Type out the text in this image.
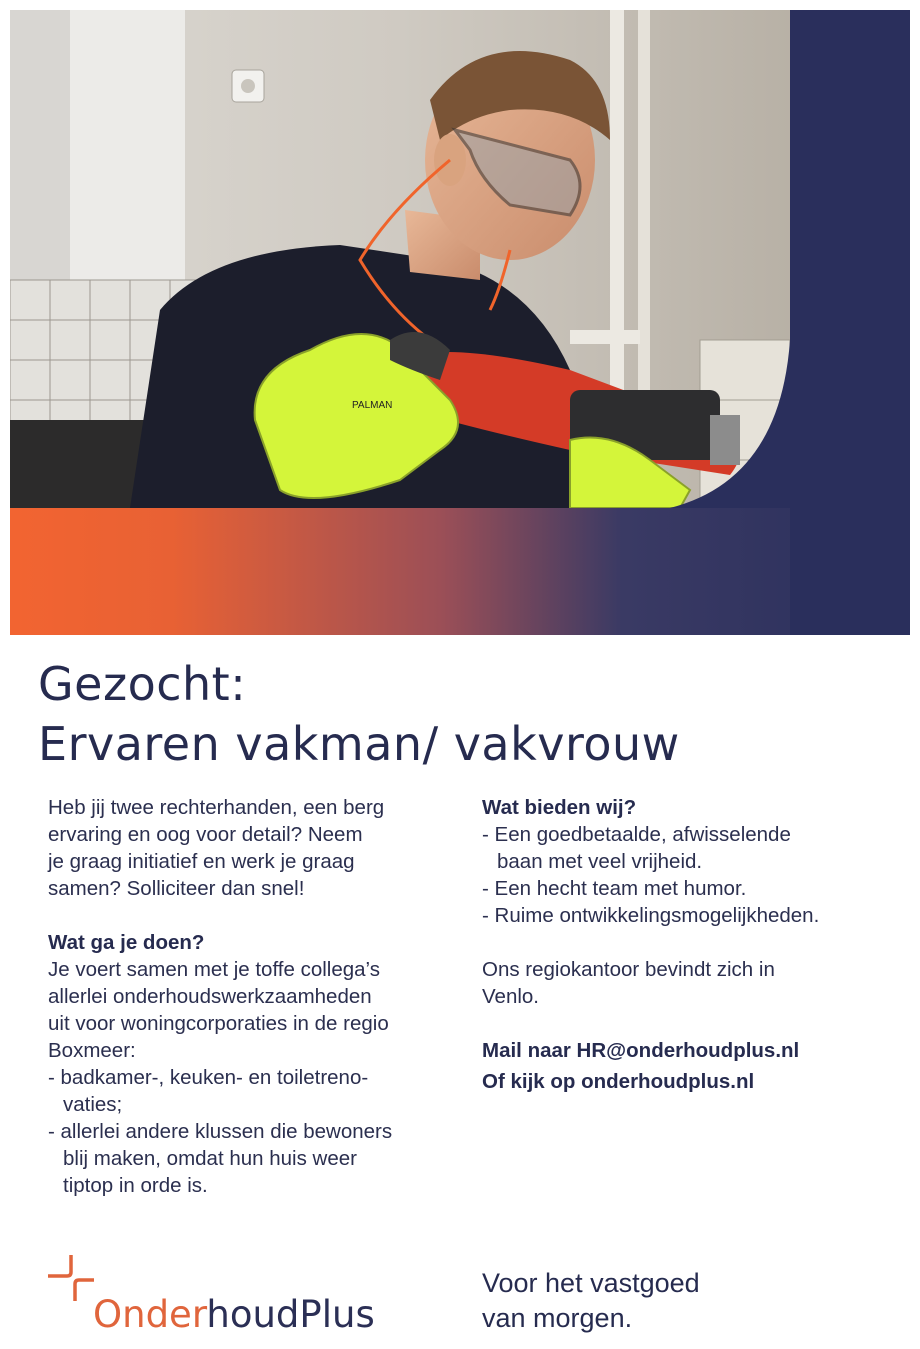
PALMAN
Gezocht:
Ervaren vakman/ vakvrouw

Heb jij twee rechterhanden, een berg

ervaring en oog voor detail? Neem

je graag initiatief en werk je graag

samen? Solliciteer dan snel!

Wat ga je doen?

Je voert samen met je toffe collega’s

allerlei onderhoudswerkzaamheden

uit voor woningcorporaties in de regio

Boxmeer:

- badkamer-, keuken- en toiletreno-

vaties;

- allerlei andere klussen die bewoners

blij maken, omdat hun huis weer

tiptop in orde is.

Wat bieden wij?

- Een goedbetaalde, afwisselende

baan met veel vrijheid.

- Een hecht team met humor.

- Ruime ontwikkelingsmogelijkheden.

Ons regiokantoor bevindt zich in

Venlo.

Mail naar HR@onderhoudplus.nl

Of kijk op onderhoudplus.nl

OnderhoudPlus

Voor het vastgoed
van morgen.
